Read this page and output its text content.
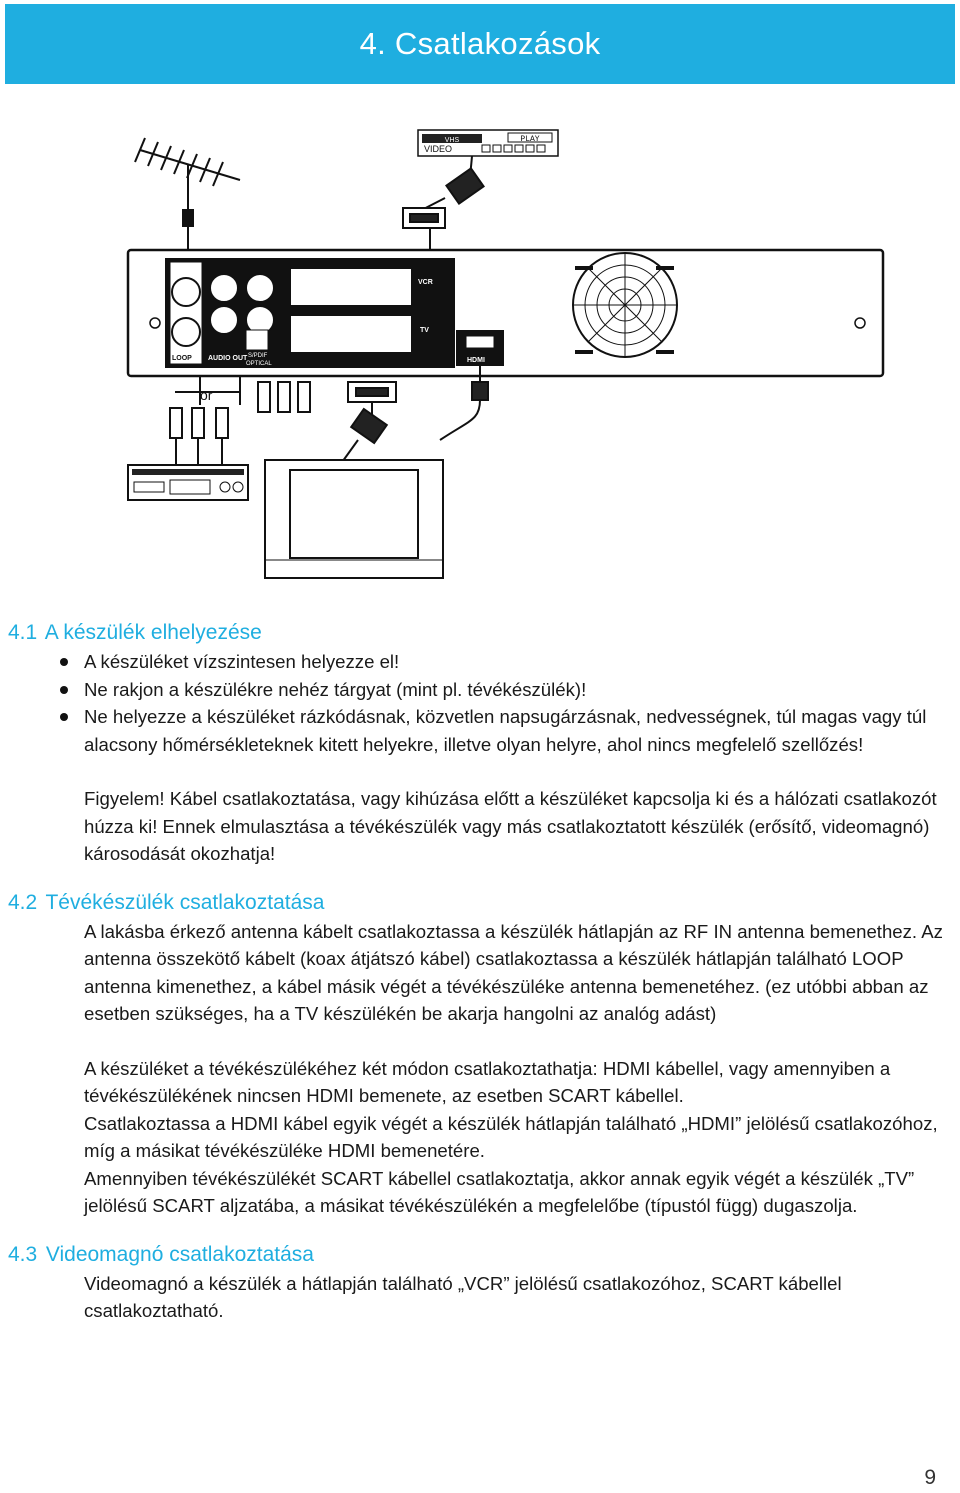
4. Csatlakozások
VHS	PLAY
VIDEO
RF IN
LOOP AUDIO OUT S/PDIF
OPTICAL
VCR
TV
HDMI
or
4.1 A készülék elhelyezése
A készüléket vízszintesen helyezze el!
Ne rakjon a készülékre nehéz tárgyat (mint pl. tévékészülék)!
Ne helyezze a készüléket rázkódásnak, közvetlen napsugárzásnak, nedvességnek, túl magas vagy túl alacsony hőmérsékleteknek kitett helyekre, illetve olyan helyre, ahol nincs megfelelő szellőzés!

Figyelem! Kábel csatlakoztatása, vagy kihúzása előtt a készüléket kapcsolja ki és a hálózati csatlakozót húzza ki! Ennek elmulasztása a tévékészülék vagy más csatlakoztatott készülék (erősítő, videomagnó) károsodását okozhatja!

4.2 Tévékészülék csatlakoztatása

A lakásba érkező antenna kábelt csatlakoztassa a készülék hátlapján az RF IN antenna bemenethez. Az antenna összekötő kábelt (koax átjátszó kábel) csatlakoztassa a készülék hátlapján található LOOP antenna kimenethez, a kábel másik végét a tévékészüléke antenna bemenetéhez. (ez utóbbi abban az esetben szükséges, ha a TV készülékén be akarja hangolni az analóg adást)

A készüléket a tévékészülékéhez két módon csatlakoztathatja: HDMI kábellel, vagy amennyiben a tévékészülékének nincsen HDMI bemenete, az esetben SCART kábellel.

Csatlakoztassa a HDMI kábel egyik végét a készülék hátlapján található „HDMI” jelölésű csatlakozóhoz, míg a másikat tévékészüléke HDMI bemenetére.

Amennyiben tévékészülékét SCART kábellel csatlakoztatja, akkor annak egyik végét a készülék „TV” jelölésű SCART aljzatába, a másikat tévékészülékén a megfelelőbe (típustól függ) dugaszolja.

4.3 Videomagnó csatlakoztatása

Videomagnó a készülék a hátlapján található „VCR” jelölésű csatlakozóhoz, SCART kábellel csatlakoztatható.

9
